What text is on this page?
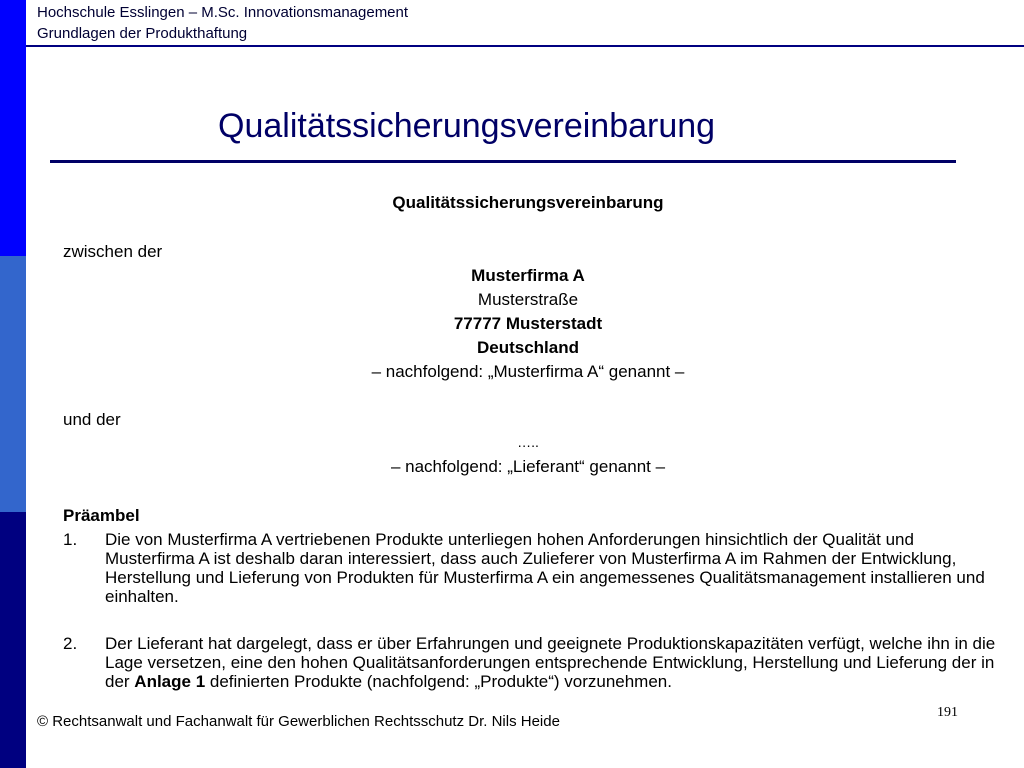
Hochschule Esslingen – M.Sc. Innovationsmanagement
Grundlagen der Produkthaftung
Qualitätssicherungsvereinbarung
Qualitätssicherungsvereinbarung
zwischen der
Musterfirma A
Musterstraße
77777 Musterstadt
Deutschland
– nachfolgend: „Musterfirma A“ genannt –
und der
…..
– nachfolgend: „Lieferant“ genannt –
Präambel
1. Die von Musterfirma A vertriebenen Produkte unterliegen hohen Anforderungen hinsichtlich der Qualität und Musterfirma A ist deshalb daran interessiert, dass auch Zulieferer von Musterfirma A im Rahmen der Entwicklung, Herstellung und Lieferung von Produkten für Musterfirma A ein angemessenes Qualitätsmanagement installieren und einhalten.
2. Der Lieferant hat dargelegt, dass er über Erfahrungen und geeignete Produktionskapazitäten verfügt, welche ihn in die Lage versetzen, eine den hohen Qualitätsanforderungen entsprechende Entwicklung, Herstellung und Lieferung der in der Anlage 1 definierten Produkte (nachfolgend: „Produkte“) vorzunehmen.
© Rechtsanwalt und Fachanwalt für Gewerblichen Rechtsschutz Dr. Nils Heide
191
